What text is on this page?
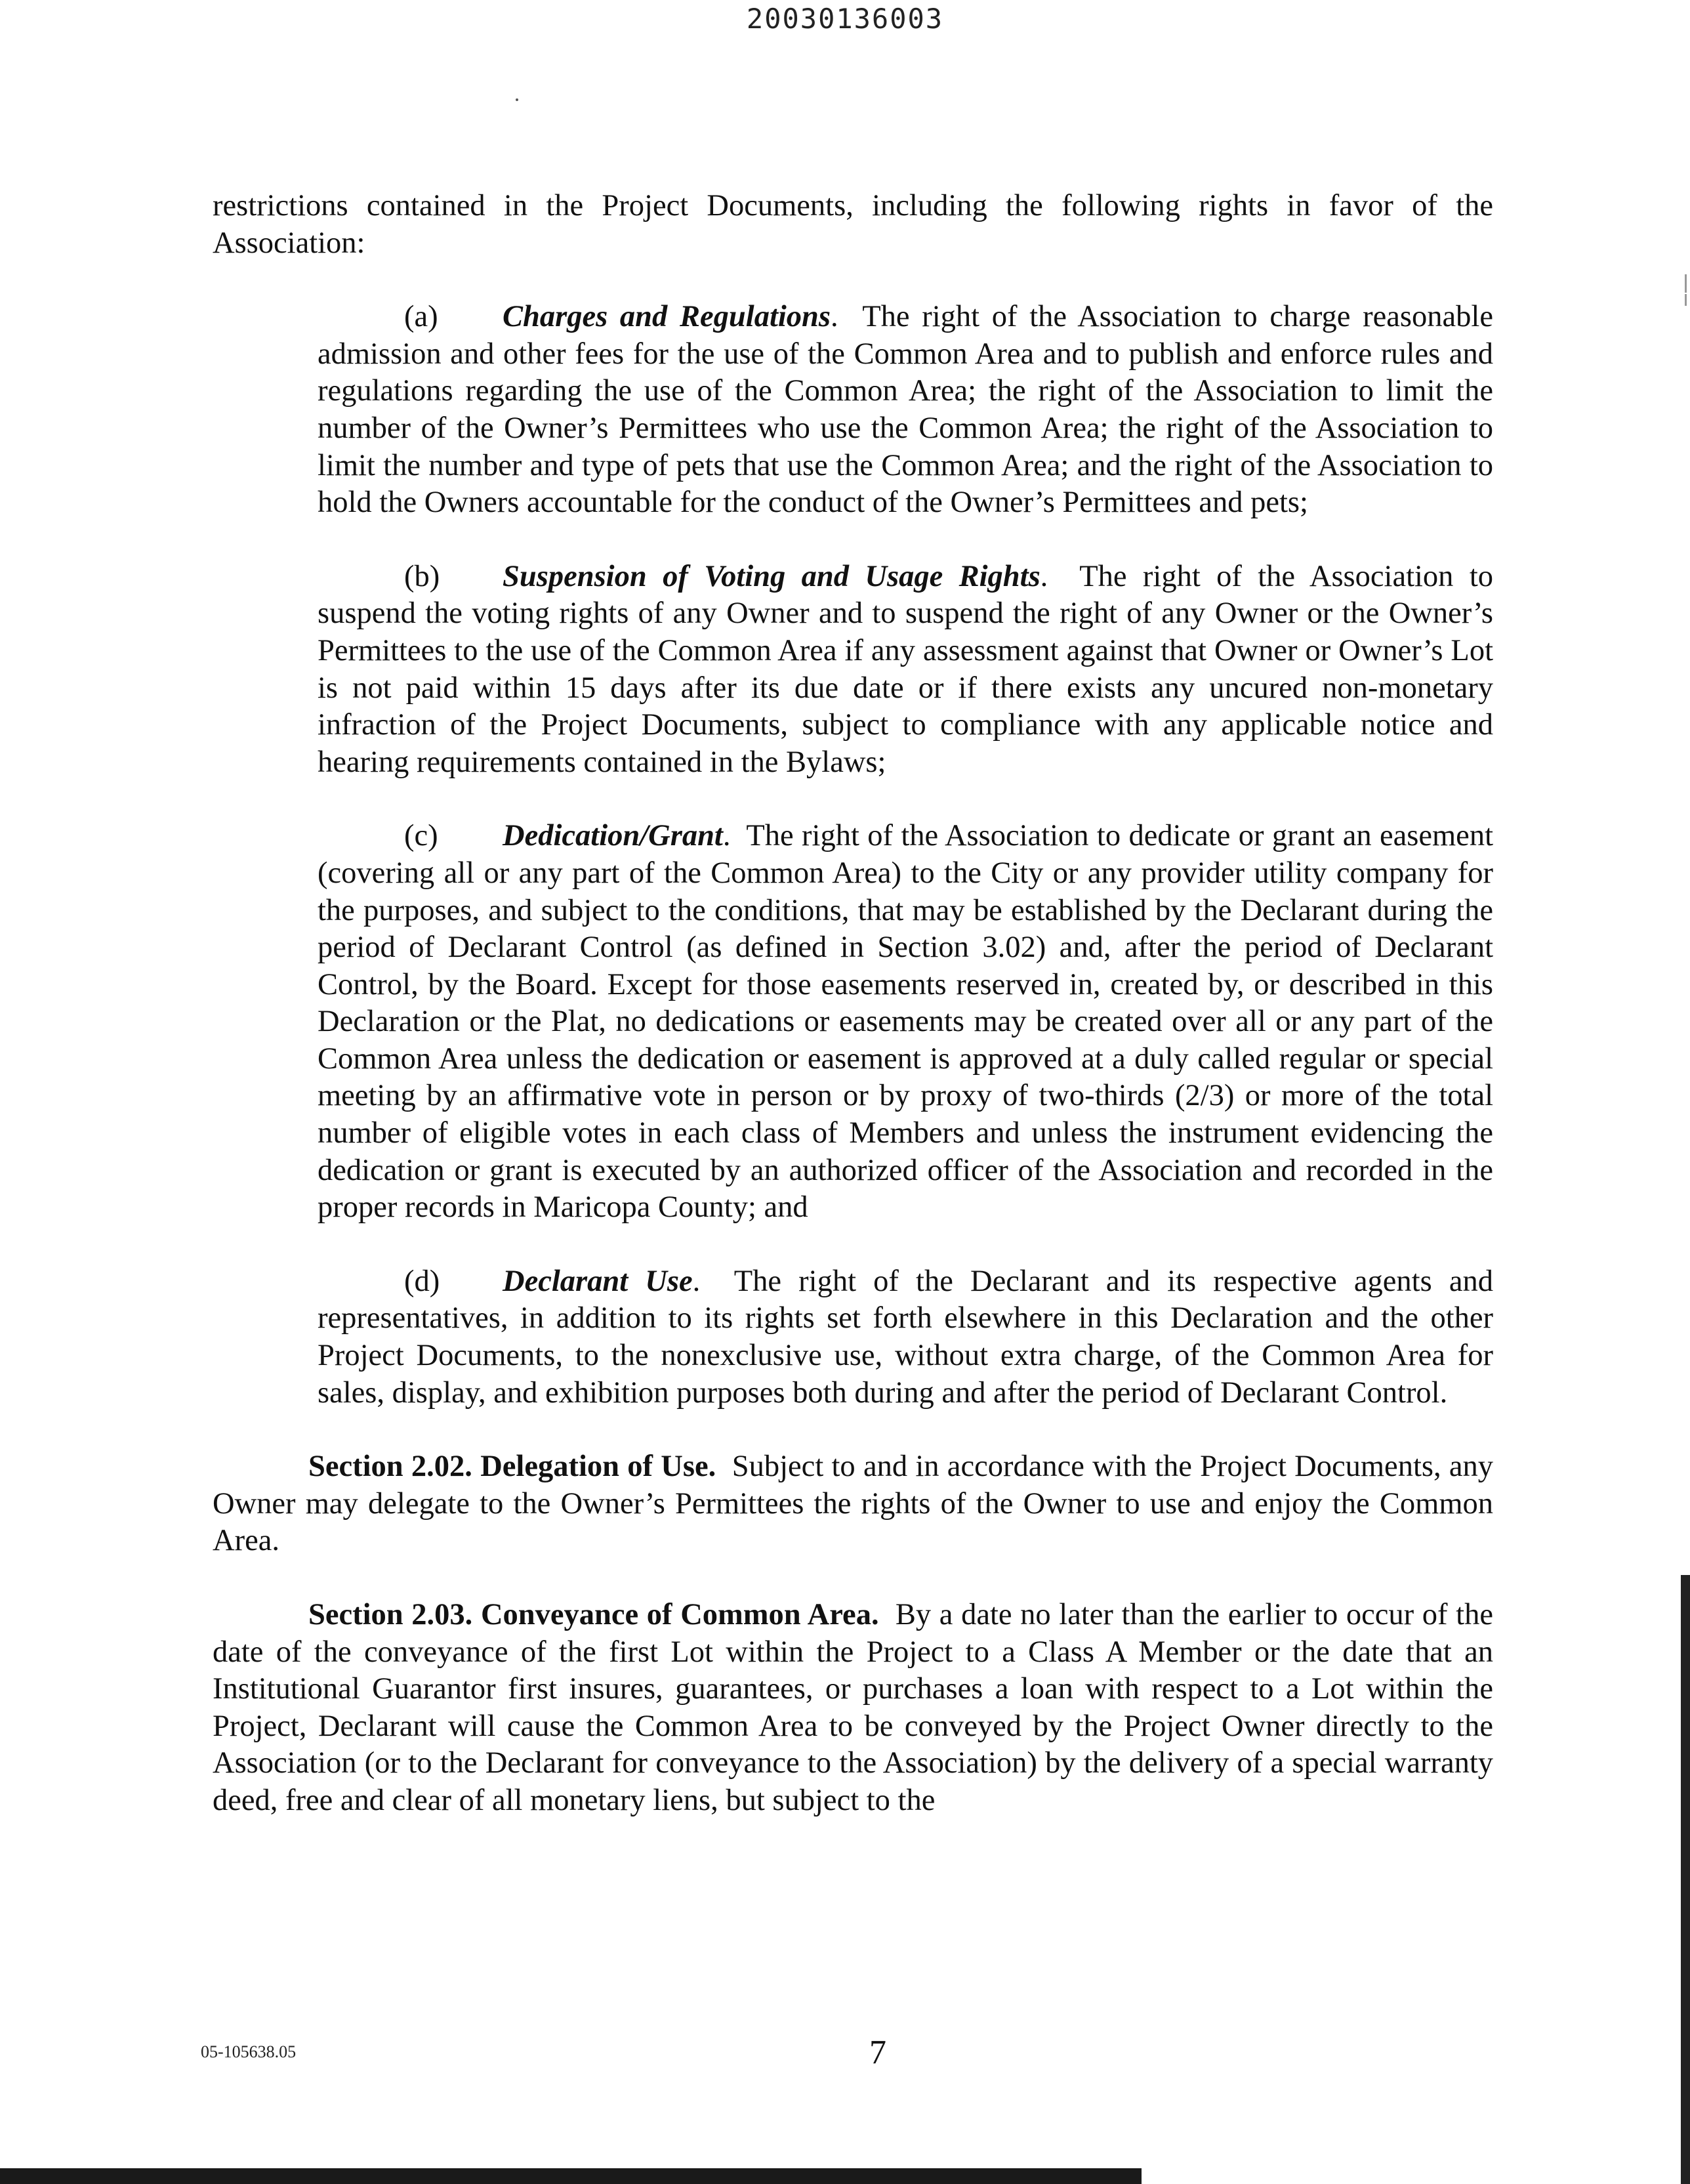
20030136003

restrictions contained in the Project Documents, including the following rights in favor of the Association:

(a) Charges and Regulations.  The right of the Association to charge reasonable admission and other fees for the use of the Common Area and to publish and enforce rules and regulations regarding the use of the Common Area; the right of the Association to limit the number of the Owner’s Permittees who use the Common Area; the right of the Association to limit the number and type of pets that use the Common Area; and the right of the Association to hold the Owners accountable for the conduct of the Owner’s Permittees and pets;

(b) Suspension of Voting and Usage Rights.  The right of the Association to suspend the voting rights of any Owner and to suspend the right of any Owner or the Owner’s Permittees to the use of the Common Area if any assessment against that Owner or Owner’s Lot is not paid within 15 days after its due date or if there exists any uncured non-monetary infraction of the Project Documents, subject to compliance with any applicable notice and hearing requirements contained in the Bylaws;

(c) Dedication/Grant.  The right of the Association to dedicate or grant an easement (covering all or any part of the Common Area) to the City or any provider utility company for the purposes, and subject to the conditions, that may be established by the Declarant during the period of Declarant Control (as defined in Section 3.02) and, after the period of Declarant Control, by the Board. Except for those easements reserved in, created by, or described in this Declaration or the Plat, no dedications or easements may be created over all or any part of the Common Area unless the dedication or easement is approved at a duly called regular or special meeting by an affirmative vote in person or by proxy of two-thirds (2/3) or more of the total number of eligible votes in each class of Members and unless the instrument evidencing the dedication or grant is executed by an authorized officer of the Association and recorded in the proper records in Maricopa County; and

(d) Declarant Use.  The right of the Declarant and its respective agents and representatives, in addition to its rights set forth elsewhere in this Declaration and the other Project Documents, to the nonexclusive use, without extra charge, of the Common Area for sales, display, and exhibition purposes both during and after the period of Declarant Control.

Section 2.02. Delegation of Use. Subject to and in accordance with the Project Documents, any Owner may delegate to the Owner’s Permittees the rights of the Owner to use and enjoy the Common Area.

Section 2.03. Conveyance of Common Area. By a date no later than the earlier to occur of the date of the conveyance of the first Lot within the Project to a Class A Member or the date that an Institutional Guarantor first insures, guarantees, or purchases a loan with respect to a Lot within the Project, Declarant will cause the Common Area to be conveyed by the Project Owner directly to the Association (or to the Declarant for conveyance to the Association) by the delivery of a special warranty deed, free and clear of all monetary liens, but subject to the

05-105638.05	7
